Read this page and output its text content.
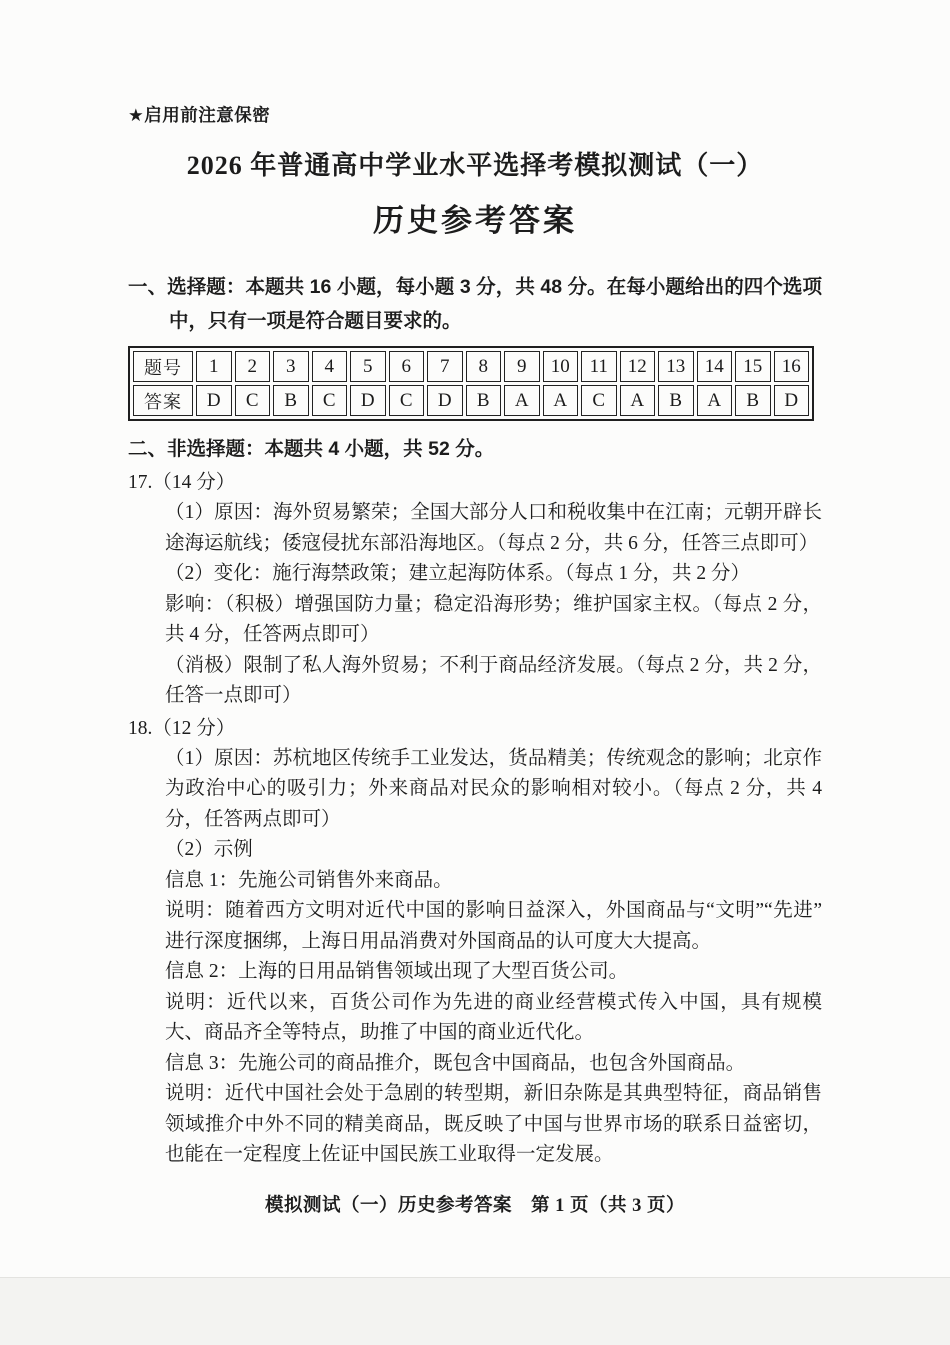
★启用前注意保密

2026 年普通高中学业水平选择考模拟测试（一）
历史参考答案
一、选择题：本题共 16 小题，每小题 3 分，共 48 分。在每小题给出的四个选项中，只有一项是符合题目要求的。
题号	1	2	3	4	5	6	7	8	9	10	11	12	13	14	15	16
答案	D	C	B	C	D	C	D	B	A	A	C	A	B	A	B	D
二、非选择题：本题共 4 小题，共 52 分。
17.（14 分）

（1）原因：海外贸易繁荣；全国大部分人口和税收集中在江南；元朝开辟长途海运航线；倭寇侵扰东部沿海地区。（每点 2 分，共 6 分，任答三点即可）

（2）变化：施行海禁政策；建立起海防体系。（每点 1 分，共 2 分）

影响：（积极）增强国防力量；稳定沿海形势；维护国家主权。（每点 2 分，共 4 分，任答两点即可）

（消极）限制了私人海外贸易；不利于商品经济发展。（每点 2 分，共 2 分，任答一点即可）

18.（12 分）

（1）原因：苏杭地区传统手工业发达，货品精美；传统观念的影响；北京作为政治中心的吸引力；外来商品对民众的影响相对较小。（每点 2 分，共 4 分，任答两点即可）

（2）示例

信息 1：先施公司销售外来商品。

说明：随着西方文明对近代中国的影响日益深入，外国商品与“文明”“先进”进行深度捆绑，上海日用品消费对外国商品的认可度大大提高。

信息 2：上海的日用品销售领域出现了大型百货公司。

说明：近代以来，百货公司作为先进的商业经营模式传入中国，具有规模大、商品齐全等特点，助推了中国的商业近代化。

信息 3：先施公司的商品推介，既包含中国商品，也包含外国商品。

说明：近代中国社会处于急剧的转型期，新旧杂陈是其典型特征，商品销售领域推介中外不同的精美商品，既反映了中国与世界市场的联系日益密切，也能在一定程度上佐证中国民族工业取得一定发展。

模拟测试（一）历史参考答案　第 1 页（共 3 页）
